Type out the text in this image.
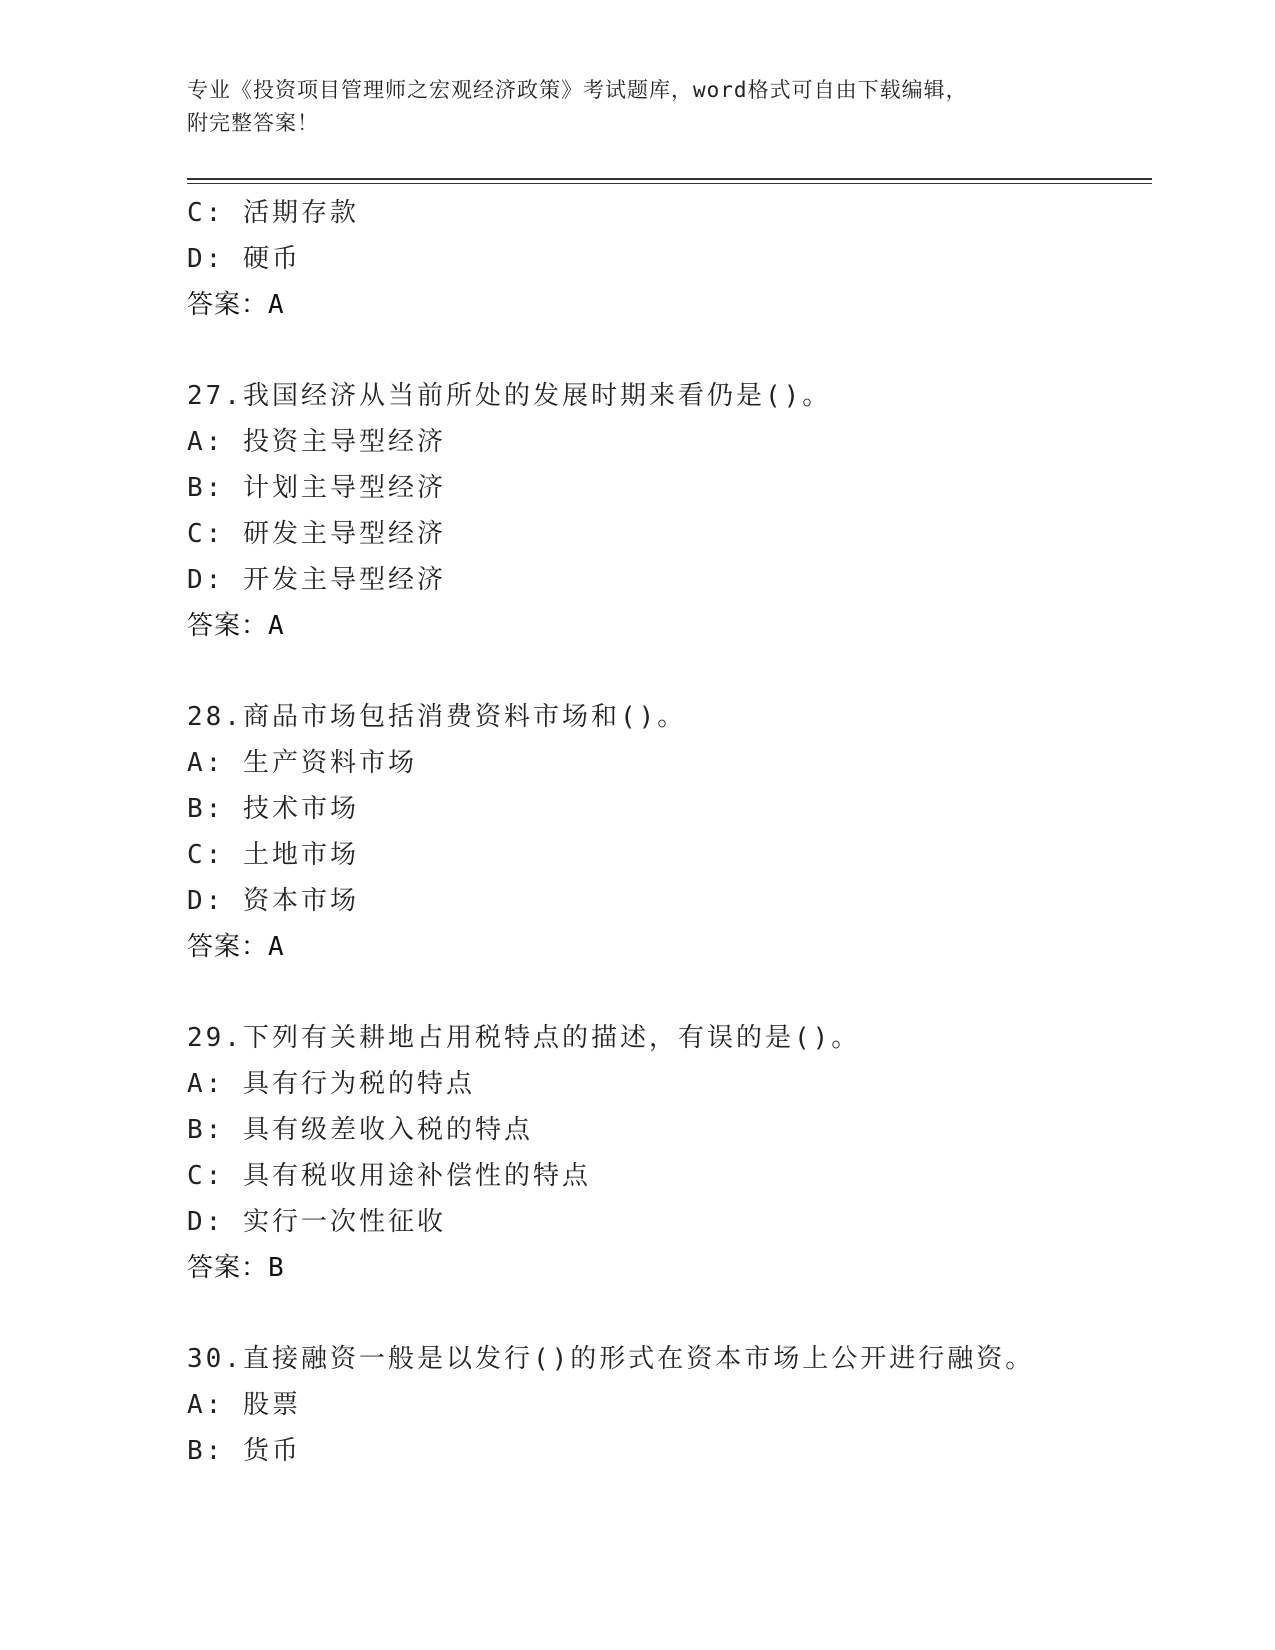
专业《投资项目管理师之宏观经济政策》考试题库，word格式可自由下载编辑，
附完整答案！
C: 活期存款
D: 硬币
答案：A
27.我国经济从当前所处的发展时期来看仍是()。
A: 投资主导型经济
B: 计划主导型经济
C: 研发主导型经济
D: 开发主导型经济
答案：A
28.商品市场包括消费资料市场和()。
A: 生产资料市场
B: 技术市场
C: 土地市场
D: 资本市场
答案：A
29.下列有关耕地占用税特点的描述，有误的是()。
A: 具有行为税的特点
B: 具有级差收入税的特点
C: 具有税收用途补偿性的特点
D: 实行一次性征收
答案：B
30.直接融资一般是以发行()的形式在资本市场上公开进行融资。
A: 股票
B: 货币
